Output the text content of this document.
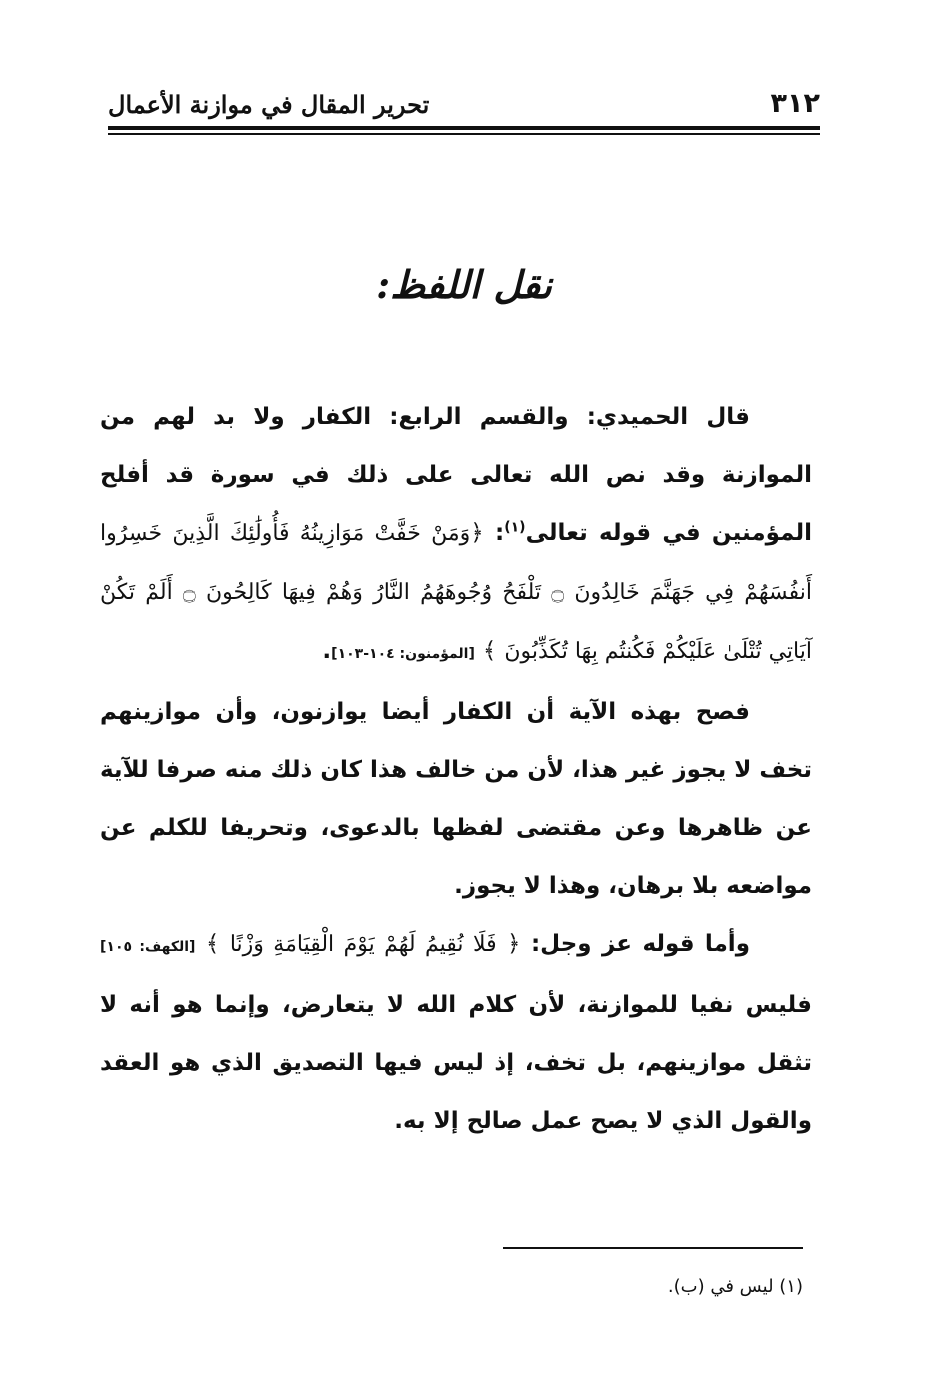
٣١٢
تحرير المقال في موازنة الأعمال
نقل اللفظ:

قال الحميدي: والقسم الرابع: الكفار ولا بد لهم من الموازنة وقد نص الله تعالى على ذلك في سورة قد أفلح المؤمنين في قوله تعالى$^{(١)}$: ﴿وَمَنْ خَفَّتْ مَوَازِينُهُ فَأُولَٰئِكَ الَّذِينَ خَسِرُوا أَنفُسَهُمْ فِي جَهَنَّمَ خَالِدُونَ ۝ تَلْفَحُ وُجُوهَهُمُ النَّارُ وَهُمْ فِيهَا كَالِحُونَ ۝ أَلَمْ تَكُنْ آيَاتِي تُتْلَىٰ عَلَيْكُمْ فَكُنتُم بِهَا تُكَذِّبُونَ ﴾ [المؤمنون: ١٠٤-١٠٣].

فصح بهذه الآية أن الكفار أيضا يوازنون، وأن موازينهم تخف لا يجوز غير هذا، لأن من خالف هذا كان ذلك منه صرفا للآية عن ظاهرها وعن مقتضى لفظها بالدعوى، وتحريفا للكلم عن مواضعه بلا برهان، وهذا لا يجوز.

وأما قوله عز وجل: ﴿ فَلَا نُقِيمُ لَهُمْ يَوْمَ الْقِيَامَةِ وَزْنًا ﴾ [الكهف: ١٠٥] فليس نفيا للموازنة، لأن كلام الله لا يتعارض، وإنما هو أنه لا تثقل موازينهم، بل تخف، إذ ليس فيها التصديق الذي هو العقد والقول الذي لا يصح عمل صالح إلا به.

(١) ليس في (ب).
